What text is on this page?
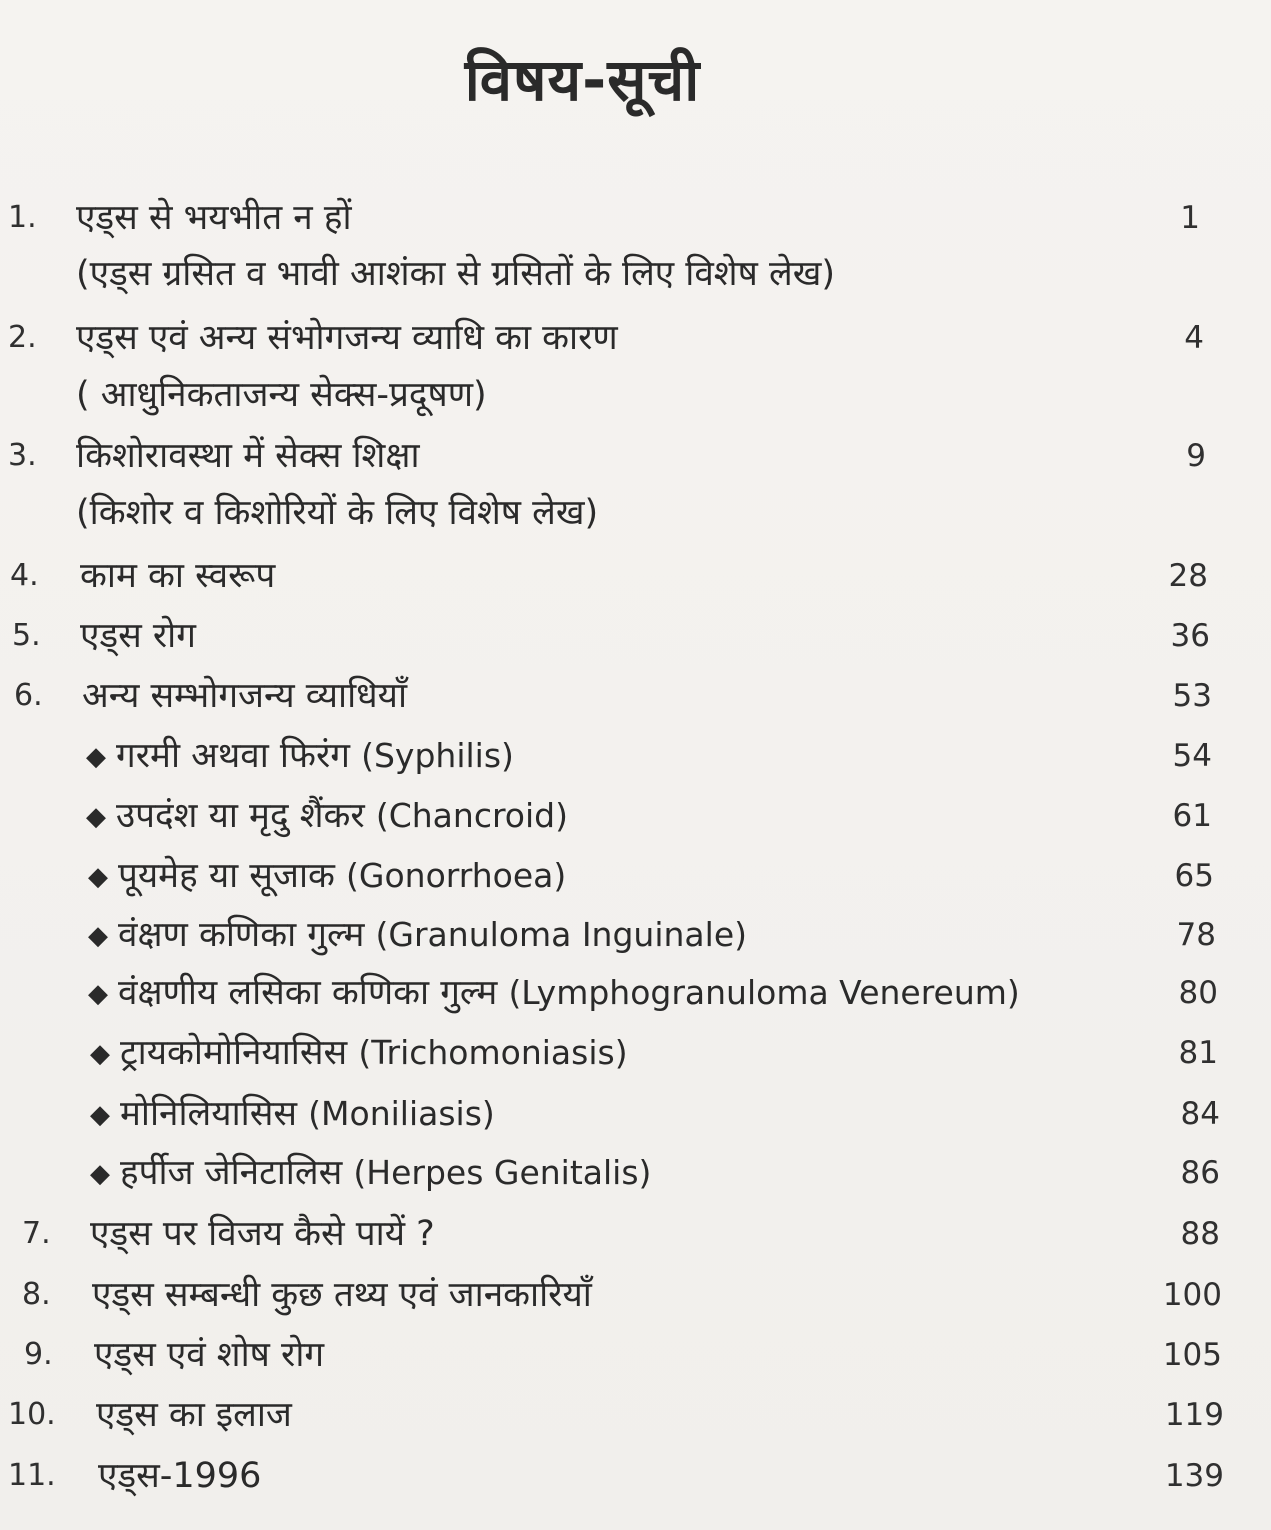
विषय-सूची
1. एड्स से भयभीत न हों	1
(एड्स ग्रसित व भावी आशंका से ग्रसितों के लिए विशेष लेख)
2. एड्स एवं अन्य संभोगजन्य व्याधि का कारण	4
( आधुनिकताजन्य सेक्स-प्रदूषण)
3. किशोरावस्था में सेक्स शिक्षा	9
(किशोर व किशोरियों के लिए विशेष लेख)
4. काम का स्वरूप	28
5. एड्स रोग	36
6. अन्य सम्भोगजन्य व्याधियाँ	53
◆ गरमी अथवा फिरंग (Syphilis)	54
◆ उपदंश या मृदु शैंकर (Chancroid)	61
◆ पूयमेह या सूजाक (Gonorrhoea)	65
◆ वंक्षण कणिका गुल्म (Granuloma Inguinale)	78
◆ वंक्षणीय लसिका कणिका गुल्म (Lymphogranuloma Venereum)	80
◆ ट्रायकोमोनियासिस (Trichomoniasis)	81
◆ मोनिलियासिस (Moniliasis)	84
◆ हर्पीज जेनिटालिस (Herpes Genitalis)	86
7. एड्स पर विजय कैसे पायें ?	88
8. एड्स सम्बन्धी कुछ तथ्य एवं जानकारियाँ	100
9. एड्स एवं शोष रोग	105
10. एड्स का इलाज	119
11. एड्स-1996	139
